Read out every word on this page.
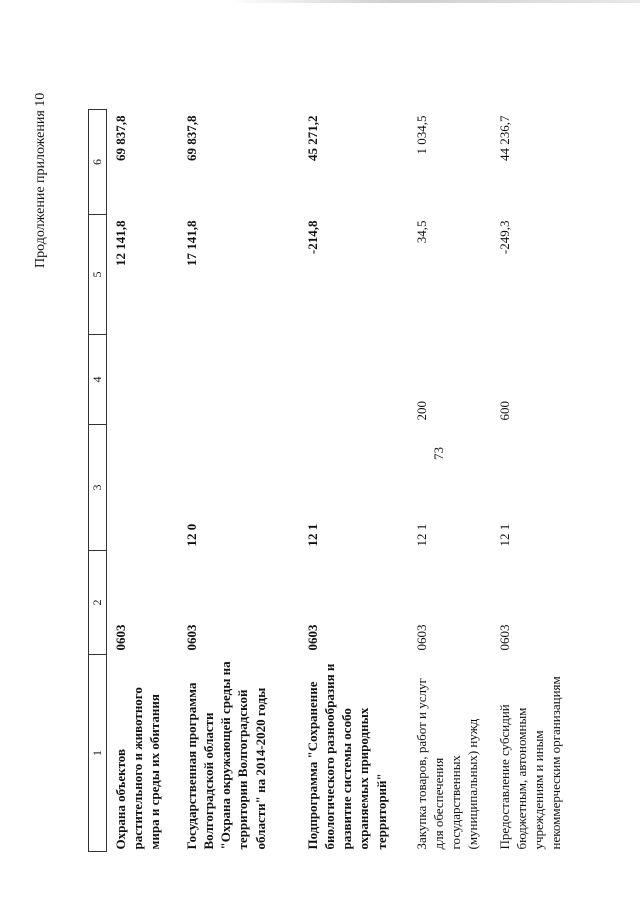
73
Продолжение приложения 10
1	2	3	4	5	6
Охрана объектов растительного и животного мира и среды их обитания	0603			12 141,8	69 837,8
Государственная программа Волгоградской области "Охрана окружающей среды на территории Волгоградской области" на 2014-2020 годы	0603	12 0		17 141,8	69 837,8
Подпрограмма "Сохранение биологического разнообразия и развитие системы особо охраняемых природных территорий"	0603	12 1		-214,8	45 271,2
Закупка товаров, работ и услуг для обеспечения государственных (муниципальных) нужд	0603	12 1	200	34,5	1 034,5
Предоставление субсидий бюджетным, автономным учреждениям и иным некоммерческим организациям	0603	12 1	600	-249,3	44 236,7
